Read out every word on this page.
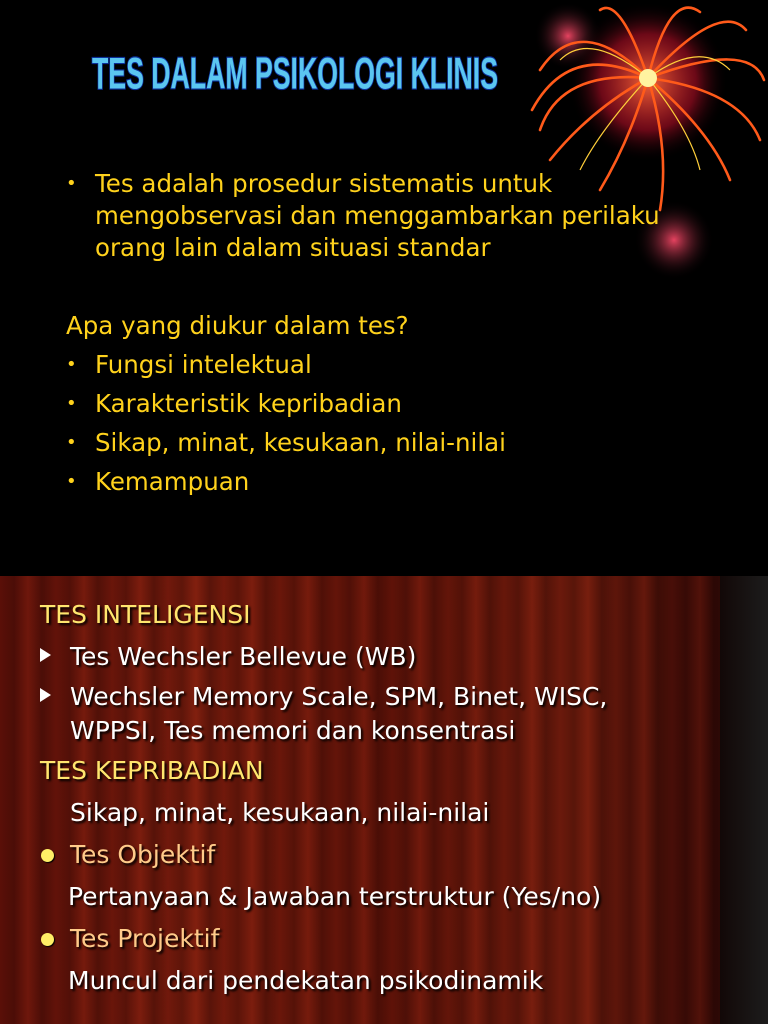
TES DALAM PSIKOLOGI KLINIS
• Tes adalah prosedur sistematis untuk
mengobservasi dan menggambarkan perilaku
orang lain dalam situasi standar
Apa yang diukur dalam tes?
• Fungsi intelektual
• Karakteristik kepribadian
• Sikap, minat, kesukaan, nilai-nilai
• Kemampuan
TES INTELIGENSI
Tes Wechsler Bellevue (WB)
Wechsler Memory Scale, SPM, Binet, WISC,
WPPSI, Tes memori dan konsentrasi
TES KEPRIBADIAN
Sikap, minat, kesukaan, nilai-nilai
Tes Objektif
Pertanyaan & Jawaban terstruktur (Yes/no)
Tes Projektif
Muncul dari pendekatan psikodinamik
